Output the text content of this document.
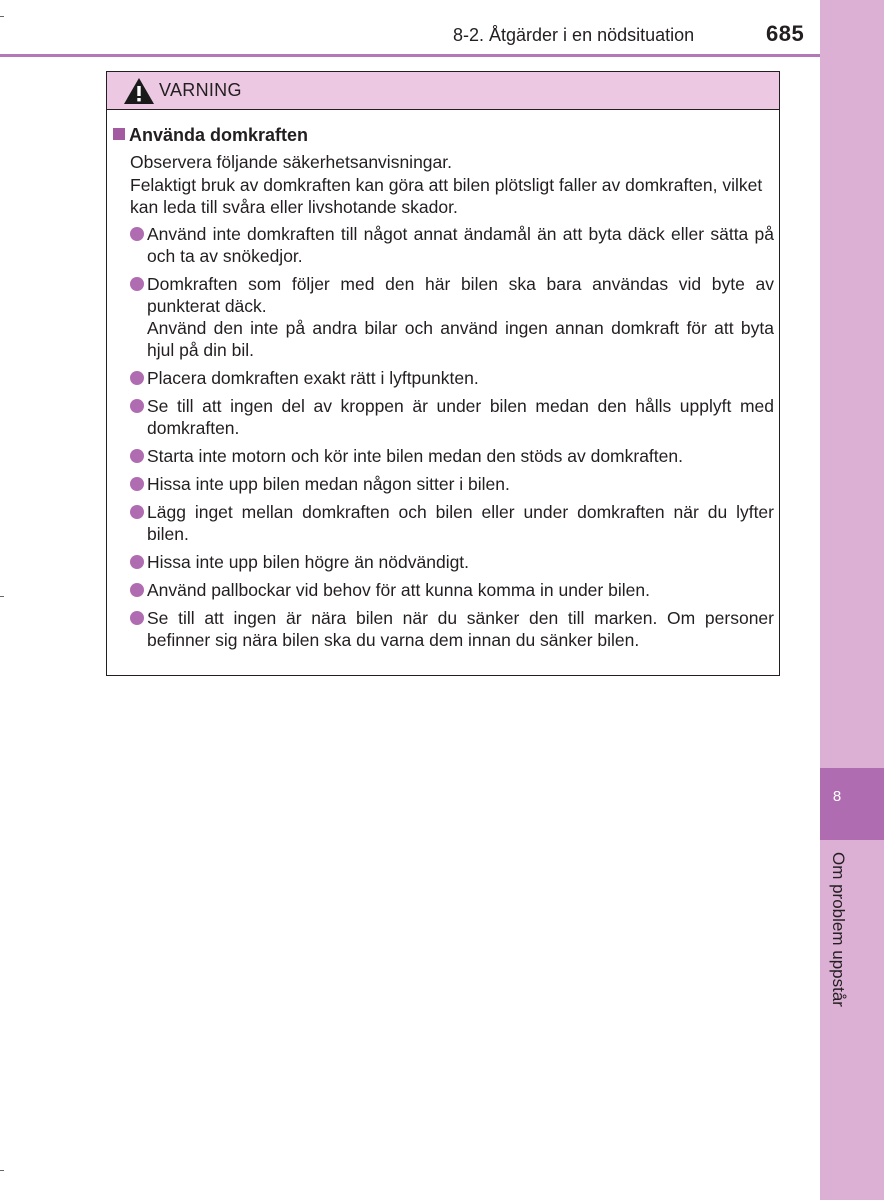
8
Om problem uppstår
8-2. Åtgärder i en nödsituation	685
VARNING
Använda domkraften

Observera följande säkerhetsanvisningar.

Felaktigt bruk av domkraften kan göra att bilen plötsligt faller av domkraften, vilket kan leda till svåra eller livshotande skador.

Använd inte domkraften till något annat ändamål än att byta däck eller sätta på och ta av snökedjor.

Domkraften som följer med den här bilen ska bara användas vid byte av punkterat däck.

Använd den inte på andra bilar och använd ingen annan domkraft för att byta hjul på din bil.

Placera domkraften exakt rätt i lyftpunkten.

Se till att ingen del av kroppen är under bilen medan den hålls upplyft med domkraften.

Starta inte motorn och kör inte bilen medan den stöds av domkraften.

Hissa inte upp bilen medan någon sitter i bilen.

Lägg inget mellan domkraften och bilen eller under domkraften när du lyfter bilen.

Hissa inte upp bilen högre än nödvändigt.

Använd pallbockar vid behov för att kunna komma in under bilen.

Se till att ingen är nära bilen när du sänker den till marken. Om personer befinner sig nära bilen ska du varna dem innan du sänker bilen.
